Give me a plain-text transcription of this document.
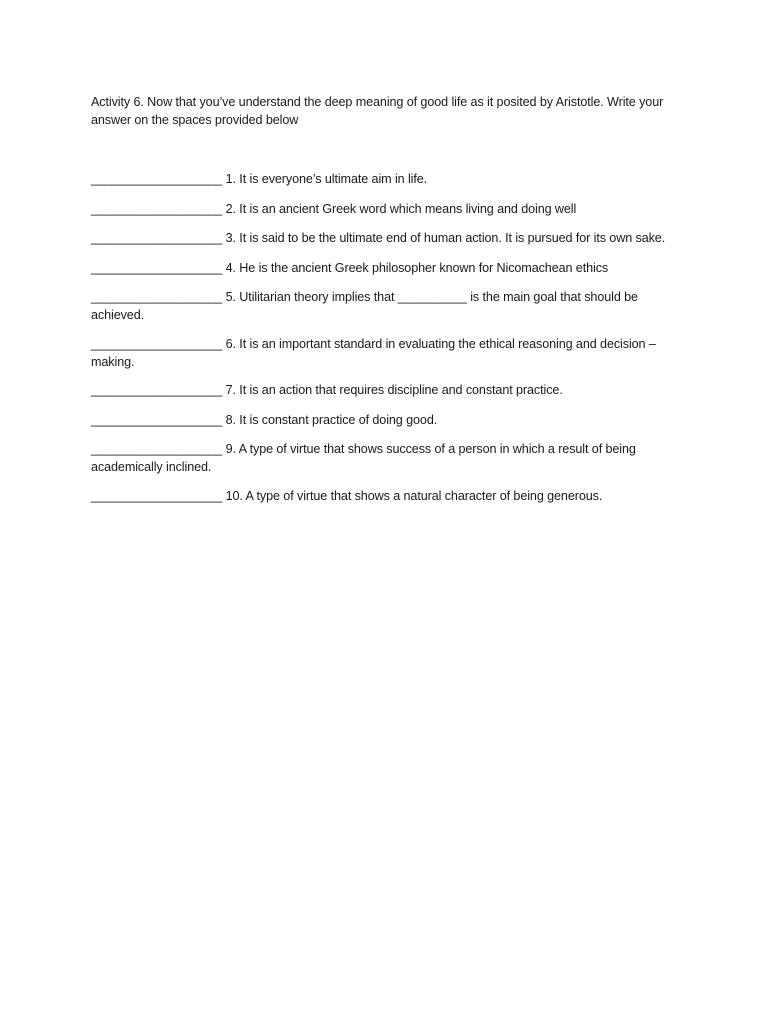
Activity 6. Now that you’ve understand the deep meaning of good life as it posited by Aristotle. Write your answer on the spaces provided below

___________________ 1. It is everyone’s ultimate aim in life.
___________________ 2. It is an ancient Greek word which means living and doing well
___________________ 3. It is said to be the ultimate end of human action. It is pursued for its own sake.
___________________ 4. He is the ancient Greek philosopher known for Nicomachean ethics
___________________ 5. Utilitarian theory implies that __________ is the main goal that should be achieved.
___________________ 6. It is an important standard in evaluating the ethical reasoning and decision – making.
___________________ 7. It is an action that requires discipline and constant practice.
___________________ 8. It is constant practice of doing good.
___________________ 9. A type of virtue that shows success of a person in which a result of being academically inclined.
___________________ 10. A type of virtue that shows a natural character of being generous.
